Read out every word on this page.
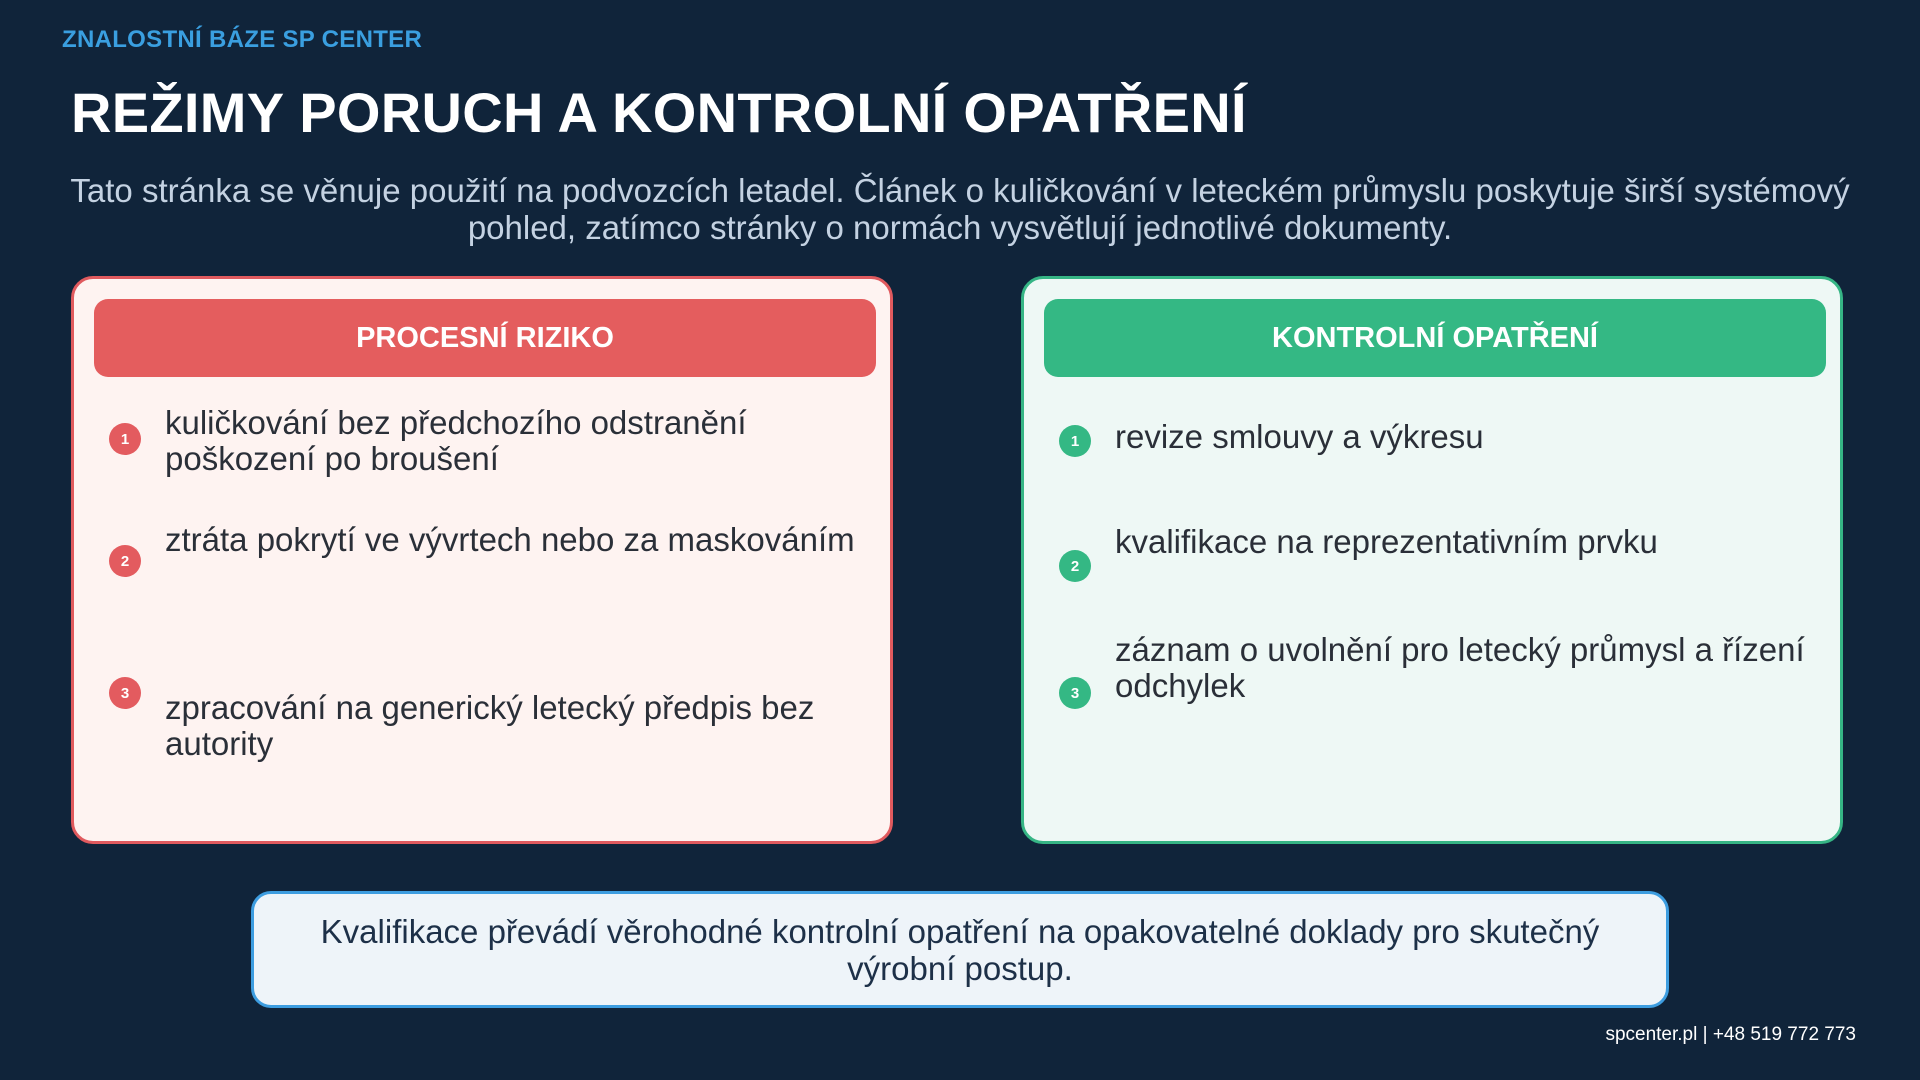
ZNALOSTNÍ BÁZE SP CENTER
REŽIMY PORUCH A KONTROLNÍ OPATŘENÍ
Tato stránka se věnuje použití na podvozcích letadel. Článek o kuličkování v leteckém průmyslu poskytuje širší systémový pohled, zatímco stránky o normách vysvětlují jednotlivé dokumenty.
PROCESNÍ RIZIKO
1	kuličkování bez předchozího odstranění poškození po broušení
2
ztráta pokrytí ve vývrtech nebo za maskováním
3	zpracování na generický letecký předpis bez autority
KONTROLNÍ OPATŘENÍ
1	revize smlouvy a výkresu
2
kvalifikace na reprezentativním prvku
3
záznam o uvolnění pro letecký průmysl a řízení odchylek
Kvalifikace převádí věrohodné kontrolní opatření na opakovatelné doklady pro skutečný výrobní postup.
spcenter.pl | +48 519 772 773
